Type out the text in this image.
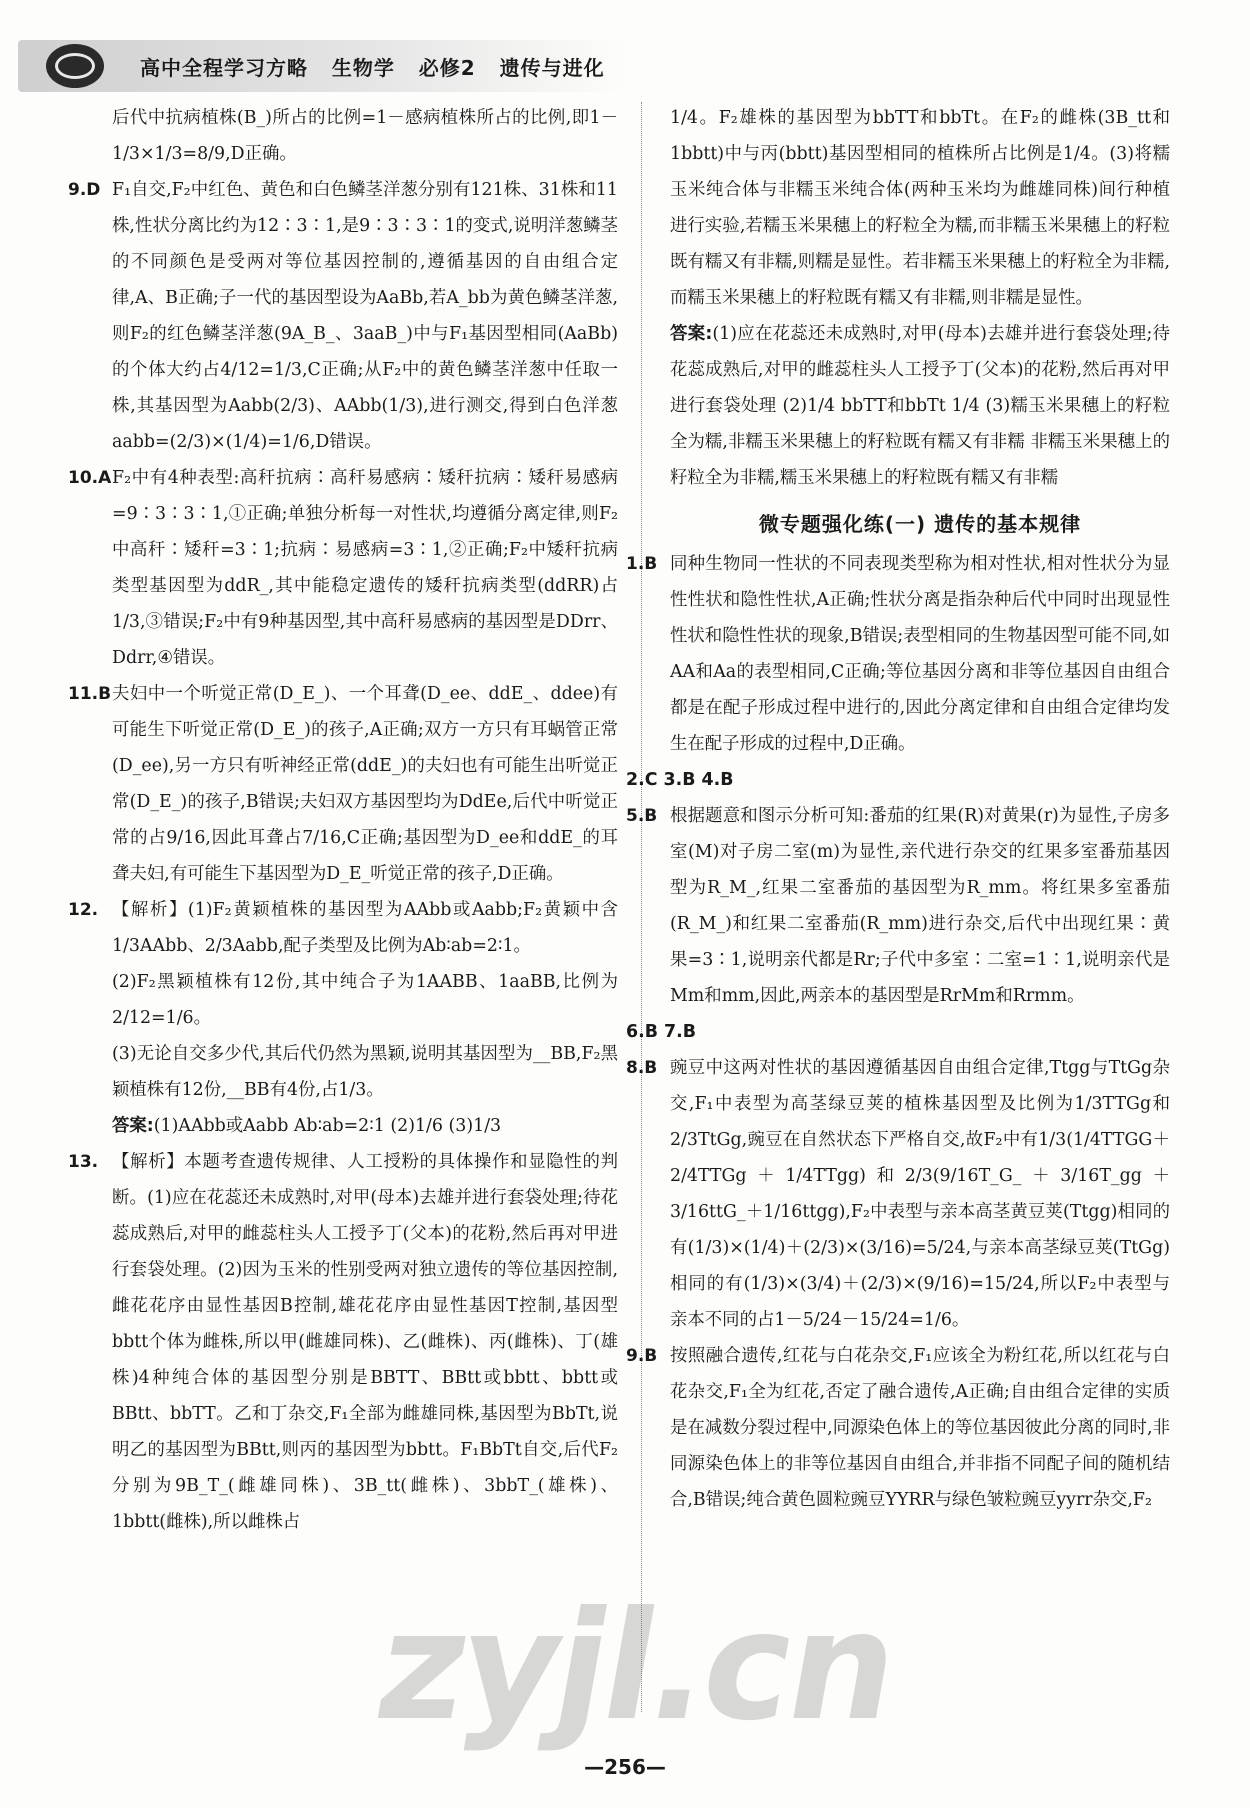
高中全程学习方略   生物学   必修2   遗传与进化

后代中抗病植株(B_)所占的比例=1－感病植株所占的比例,即1－1/3×1/3=8/9,D正确。

9.D F₁自交,F₂中红色、黄色和白色鳞茎洋葱分别有121株、31株和11株,性状分离比约为12∶3∶1,是9∶3∶3∶1的变式,说明洋葱鳞茎的不同颜色是受两对等位基因控制的,遵循基因的自由组合定律,A、B正确;子一代的基因型设为AaBb,若A_bb为黄色鳞茎洋葱,则F₂的红色鳞茎洋葱(9A_B_、3aaB_)中与F₁基因型相同(AaBb)的个体大约占4/12=1/3,C正确;从F₂中的黄色鳞茎洋葱中任取一株,其基因型为Aabb(2/3)、AAbb(1/3),进行测交,得到白色洋葱aabb=(2/3)×(1/4)=1/6,D错误。
10.A F₂中有4种表型:高秆抗病∶高秆易感病∶矮秆抗病∶矮秆易感病=9∶3∶3∶1,①正确;单独分析每一对性状,均遵循分离定律,则F₂中高秆∶矮秆=3∶1;抗病∶易感病=3∶1,②正确;F₂中矮秆抗病类型基因型为ddR_,其中能稳定遗传的矮秆抗病类型(ddRR)占1/3,③错误;F₂中有9种基因型,其中高秆易感病的基因型是DDrr、Ddrr,④错误。
11.B 夫妇中一个听觉正常(D_E_)、一个耳聋(D_ee、ddE_、ddee)有可能生下听觉正常(D_E_)的孩子,A正确;双方一方只有耳蜗管正常(D_ee),另一方只有听神经正常(ddE_)的夫妇也有可能生出听觉正常(D_E_)的孩子,B错误;夫妇双方基因型均为DdEe,后代中听觉正常的占9/16,因此耳聋占7/16,C正确;基因型为D_ee和ddE_的耳聋夫妇,有可能生下基因型为D_E_听觉正常的孩子,D正确。
12. 【解析】(1)F₂黄颖植株的基因型为AAbb或Aabb;F₂黄颖中含1/3AAbb、2/3Aabb,配子类型及比例为Ab∶ab=2∶1。

(2)F₂黑颖植株有12份,其中纯合子为1AABB、1aaBB,比例为2/12=1/6。

(3)无论自交多少代,其后代仍然为黑颖,说明其基因型为__BB,F₂黑颖植株有12份,__BB有4份,占1/3。

答案:(1)AAbb或Aabb Ab∶ab=2∶1 (2)1/6 (3)1/3

13. 【解析】本题考查遗传规律、人工授粉的具体操作和显隐性的判断。(1)应在花蕊还未成熟时,对甲(母本)去雄并进行套袋处理;待花蕊成熟后,对甲的雌蕊柱头人工授予丁(父本)的花粉,然后再对甲进行套袋处理。(2)因为玉米的性别受两对独立遗传的等位基因控制,雌花花序由显性基因B控制,雄花花序由显性基因T控制,基因型bbtt个体为雌株,所以甲(雌雄同株)、乙(雌株)、丙(雌株)、丁(雄株)4种纯合体的基因型分别是BBTT、BBtt或bbtt、bbtt或BBtt、bbTT。乙和丁杂交,F₁全部为雌雄同株,基因型为BbTt,说明乙的基因型为BBtt,则丙的基因型为bbtt。F₁BbTt自交,后代F₂分别为9B_T_(雌雄同株)、3B_tt(雌株)、3bbT_(雄株)、1bbtt(雌株),所以雌株占

1/4。F₂雄株的基因型为bbTT和bbTt。在F₂的雌株(3B_tt和1bbtt)中与丙(bbtt)基因型相同的植株所占比例是1/4。(3)将糯玉米纯合体与非糯玉米纯合体(两种玉米均为雌雄同株)间行种植进行实验,若糯玉米果穗上的籽粒全为糯,而非糯玉米果穗上的籽粒既有糯又有非糯,则糯是显性。若非糯玉米果穗上的籽粒全为非糯,而糯玉米果穗上的籽粒既有糯又有非糯,则非糯是显性。

答案:(1)应在花蕊还未成熟时,对甲(母本)去雄并进行套袋处理;待花蕊成熟后,对甲的雌蕊柱头人工授予丁(父本)的花粉,然后再对甲进行套袋处理 (2)1/4 bbTT和bbTt 1/4 (3)糯玉米果穗上的籽粒全为糯,非糯玉米果穗上的籽粒既有糯又有非糯 非糯玉米果穗上的籽粒全为非糯,糯玉米果穗上的籽粒既有糯又有非糯

微专题强化练(一) 遗传的基本规律
1.B 同种生物同一性状的不同表现类型称为相对性状,相对性状分为显性性状和隐性性状,A正确;性状分离是指杂种后代中同时出现显性性状和隐性性状的现象,B错误;表型相同的生物基因型可能不同,如AA和Aa的表型相同,C正确;等位基因分离和非等位基因自由组合都是在配子形成过程中进行的,因此分离定律和自由组合定律均发生在配子形成的过程中,D正确。

2.C 3.B 4.B

5.B 根据题意和图示分析可知:番茄的红果(R)对黄果(r)为显性,子房多室(M)对子房二室(m)为显性,亲代进行杂交的红果多室番茄基因型为R_M_,红果二室番茄的基因型为R_mm。将红果多室番茄(R_M_)和红果二室番茄(R_mm)进行杂交,后代中出现红果∶黄果=3∶1,说明亲代都是Rr;子代中多室∶二室=1∶1,说明亲代是Mm和mm,因此,两亲本的基因型是RrMm和Rrmm。

6.B 7.B

8.B 豌豆中这两对性状的基因遵循基因自由组合定律,Ttgg与TtGg杂交,F₁中表型为高茎绿豆荚的植株基因型及比例为1/3TTGg和2/3TtGg,豌豆在自然状态下严格自交,故F₂中有1/3(1/4TTGG＋2/4TTGg＋1/4TTgg)和2/3(9/16T_G_＋3/16T_gg＋3/16ttG_＋1/16ttgg),F₂中表型与亲本高茎黄豆荚(Ttgg)相同的有(1/3)×(1/4)＋(2/3)×(3/16)=5/24,与亲本高茎绿豆荚(TtGg)相同的有(1/3)×(3/4)＋(2/3)×(9/16)=15/24,所以F₂中表型与亲本不同的占1－5/24－15/24=1/6。
9.B 按照融合遗传,红花与白花杂交,F₁应该全为粉红花,所以红花与白花杂交,F₁全为红花,否定了融合遗传,A正确;自由组合定律的实质是在减数分裂过程中,同源染色体上的等位基因彼此分离的同时,非同源染色体上的非等位基因自由组合,并非指不同配子间的随机结合,B错误;纯合黄色圆粒豌豆YYRR与绿色皱粒豌豆yyrr杂交,F₂
zyjl.cn
—256—
